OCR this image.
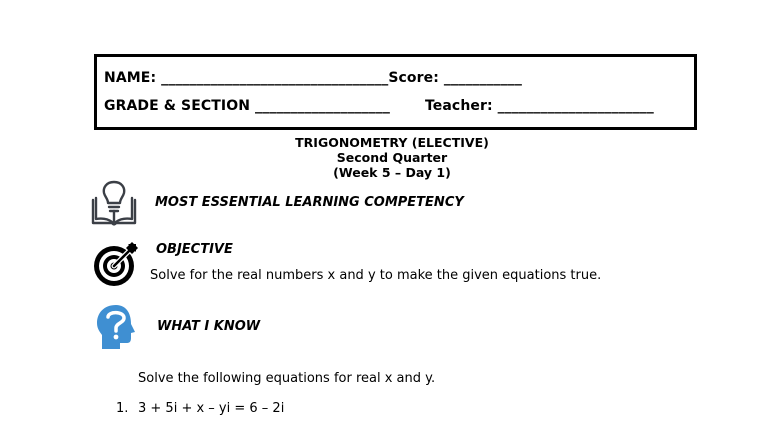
NAME: ________________________________Score: ___________
GRADE & SECTION ___________________	Teacher: ______________________
TRIGONOMETRY (ELECTIVE)
Second Quarter
(Week 5 – Day 1)
MOST ESSENTIAL LEARNING COMPETENCY
OBJECTIVE
Solve for the real numbers x and y to make the given equations true.
WHAT I KNOW
Solve the following equations for real x and y.
1. 3 + 5i + x – yi = 6 – 2i
